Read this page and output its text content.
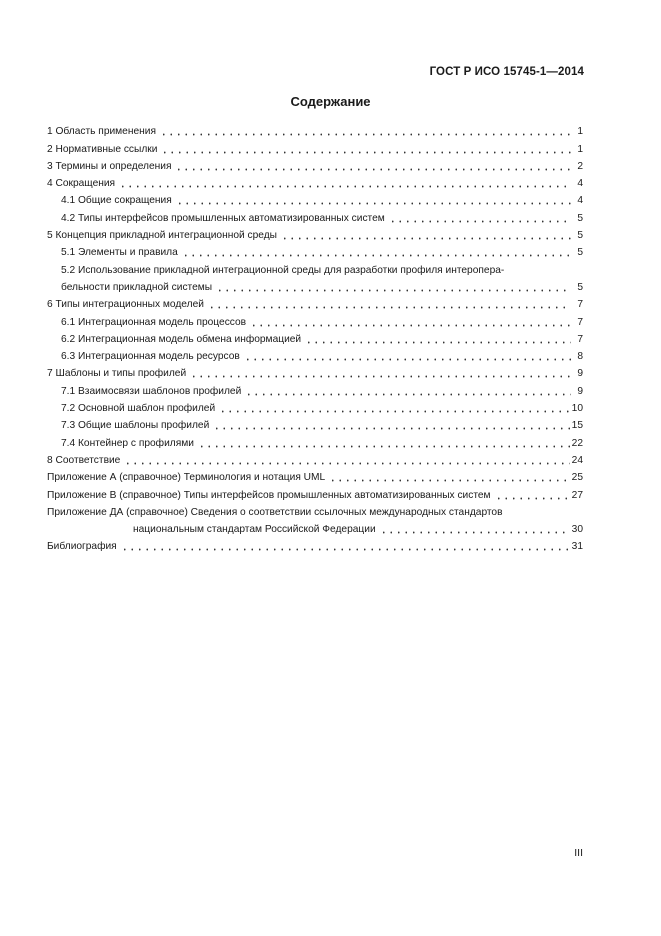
ГОСТ Р ИСО 15745-1—2014
Содержание
1 Область применения	1
2 Нормативные ссылки	1
3 Термины и определения	2
4 Сокращения	4
4.1 Общие сокращения	4
4.2 Типы интерфейсов промышленных автоматизированных систем	5
5 Концепция прикладной интеграционной среды	5
5.1 Элементы и правила	5
5.2 Использование прикладной интеграционной среды для разработки профиля интеропера-
бельности прикладной системы	5
6 Типы интеграционных моделей	7
6.1 Интеграционная модель процессов	7
6.2 Интеграционная модель обмена информацией	7
6.3 Интеграционная модель ресурсов	8
7 Шаблоны и типы профилей	9
7.1 Взаимосвязи шаблонов профилей	9
7.2 Основной шаблон профилей	10
7.3 Общие шаблоны профилей	15
7.4 Контейнер с профилями	22
8 Соответствие	24
Приложение А (справочное) Терминология и нотация UML	25
Приложение В (справочное) Типы интерфейсов промышленных автоматизированных систем	27
Приложение ДА (справочное) Сведения о соответствии ссылочных международных стандартов
национальным стандартам Российской Федерации	30
Библиография	31
III
